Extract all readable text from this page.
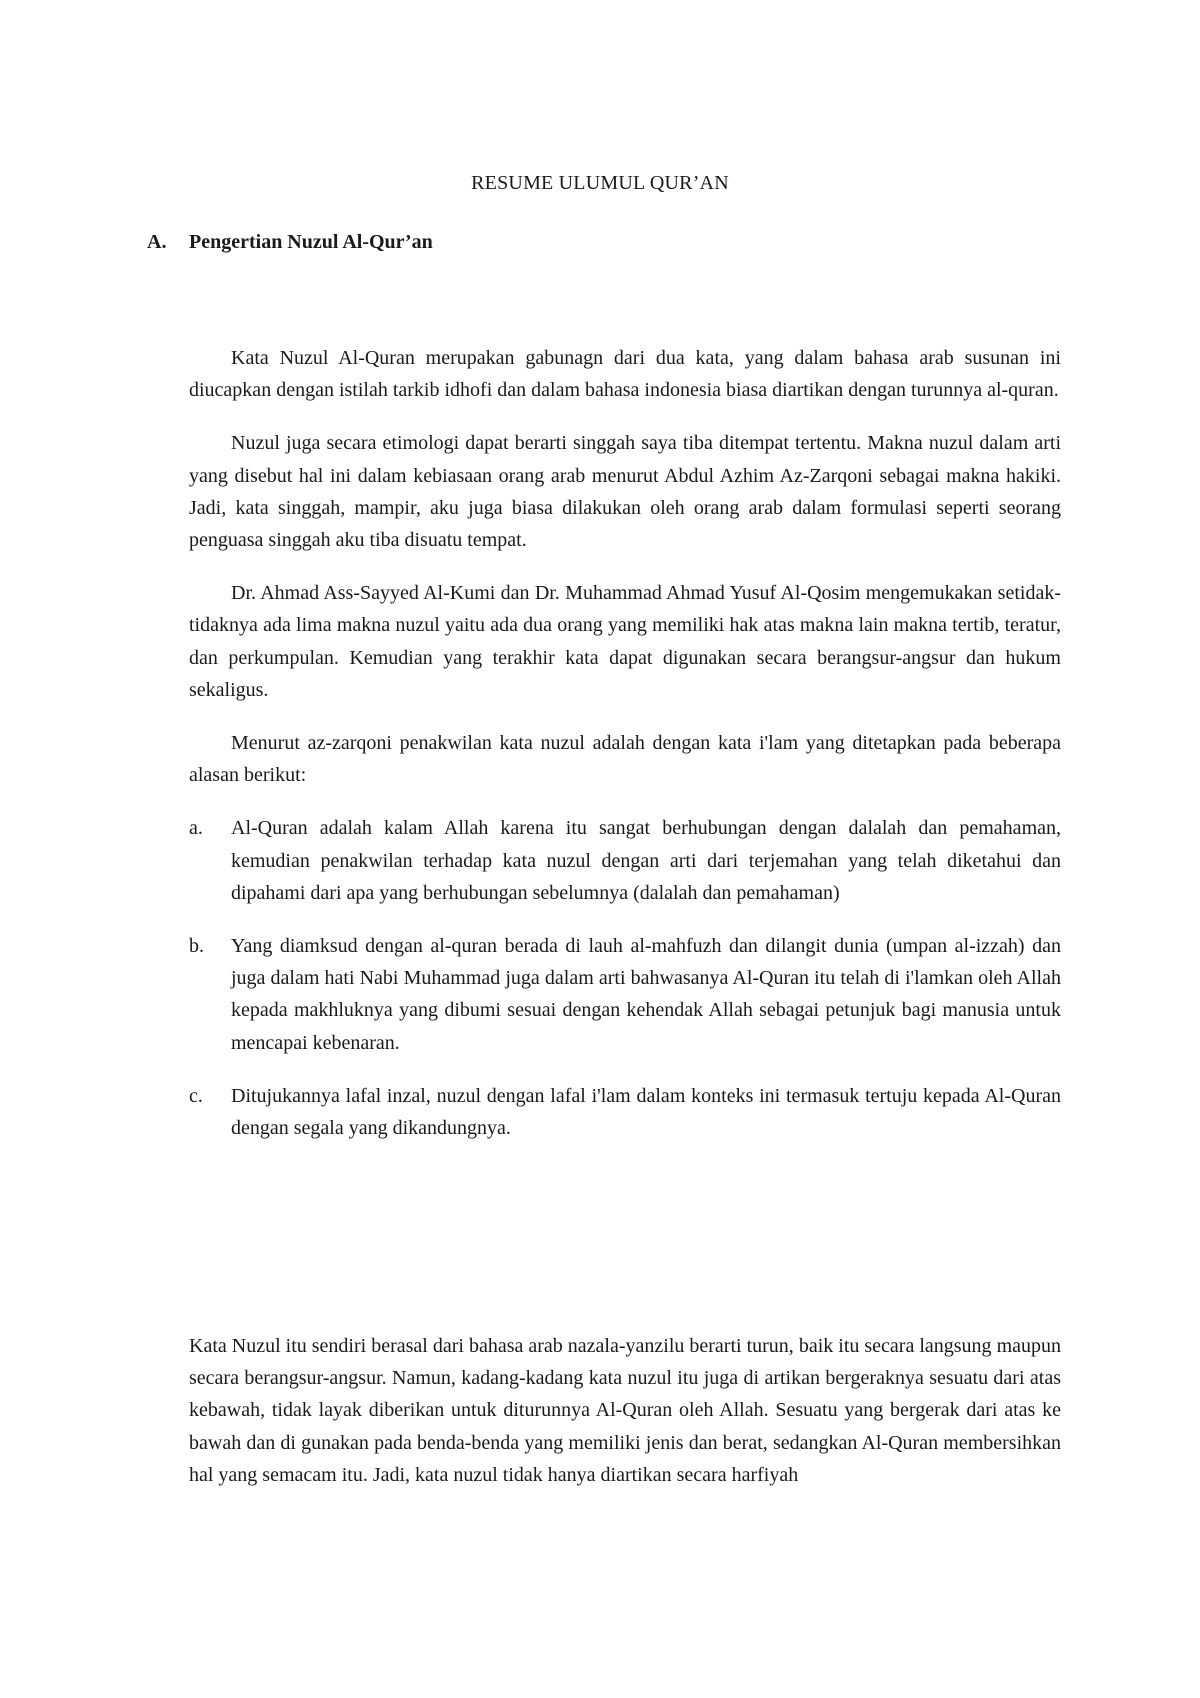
RESUME ULUMUL QUR’AN
A. Pengertian Nuzul Al-Qur’an

Kata Nuzul Al-Quran merupakan gabunagn dari dua kata, yang dalam bahasa arab susunan ini diucapkan dengan istilah tarkib idhofi dan dalam bahasa indonesia biasa diartikan dengan turunnya al-quran.

Nuzul juga secara etimologi dapat berarti singgah saya tiba ditempat tertentu. Makna nuzul dalam arti yang disebut hal ini dalam kebiasaan orang arab menurut Abdul Azhim Az-Zarqoni sebagai makna hakiki. Jadi, kata singgah, mampir, aku juga biasa dilakukan oleh orang arab dalam formulasi seperti seorang penguasa singgah aku tiba disuatu tempat.

Dr. Ahmad Ass-Sayyed Al-Kumi dan Dr. Muhammad Ahmad Yusuf Al-Qosim mengemukakan setidak-tidaknya ada lima makna nuzul yaitu ada dua orang yang memiliki hak atas makna lain makna tertib, teratur, dan perkumpulan. Kemudian yang terakhir kata dapat digunakan secara berangsur-angsur dan hukum sekaligus.

Menurut az-zarqoni penakwilan kata nuzul adalah dengan kata i'lam yang ditetapkan pada beberapa alasan berikut:

a. Al-Quran adalah kalam Allah karena itu sangat berhubungan dengan dalalah dan pemahaman, kemudian penakwilan terhadap kata nuzul dengan arti dari terjemahan yang telah diketahui dan dipahami dari apa yang berhubungan sebelumnya (dalalah dan pemahaman)
b. Yang diamksud dengan al-quran berada di lauh al-mahfuzh dan dilangit dunia (umpan al-izzah) dan juga dalam hati Nabi Muhammad juga dalam arti bahwasanya Al-Quran itu telah di i'lamkan oleh Allah kepada makhluknya yang dibumi sesuai dengan kehendak Allah sebagai petunjuk bagi manusia untuk mencapai kebenaran.
c. Ditujukannya lafal inzal, nuzul dengan lafal i'lam dalam konteks ini termasuk tertuju kepada Al-Quran dengan segala yang dikandungnya.

Kata Nuzul itu sendiri berasal dari bahasa arab nazala-yanzilu berarti turun, baik itu secara langsung maupun secara berangsur-angsur. Namun, kadang-kadang kata nuzul itu juga di artikan bergeraknya sesuatu dari atas kebawah, tidak layak diberikan untuk diturunnya Al-Quran oleh Allah. Sesuatu yang bergerak dari atas ke bawah dan di gunakan pada benda-benda yang memiliki jenis dan berat, sedangkan Al-Quran membersihkan hal yang semacam itu. Jadi, kata nuzul tidak hanya diartikan secara harfiyah
